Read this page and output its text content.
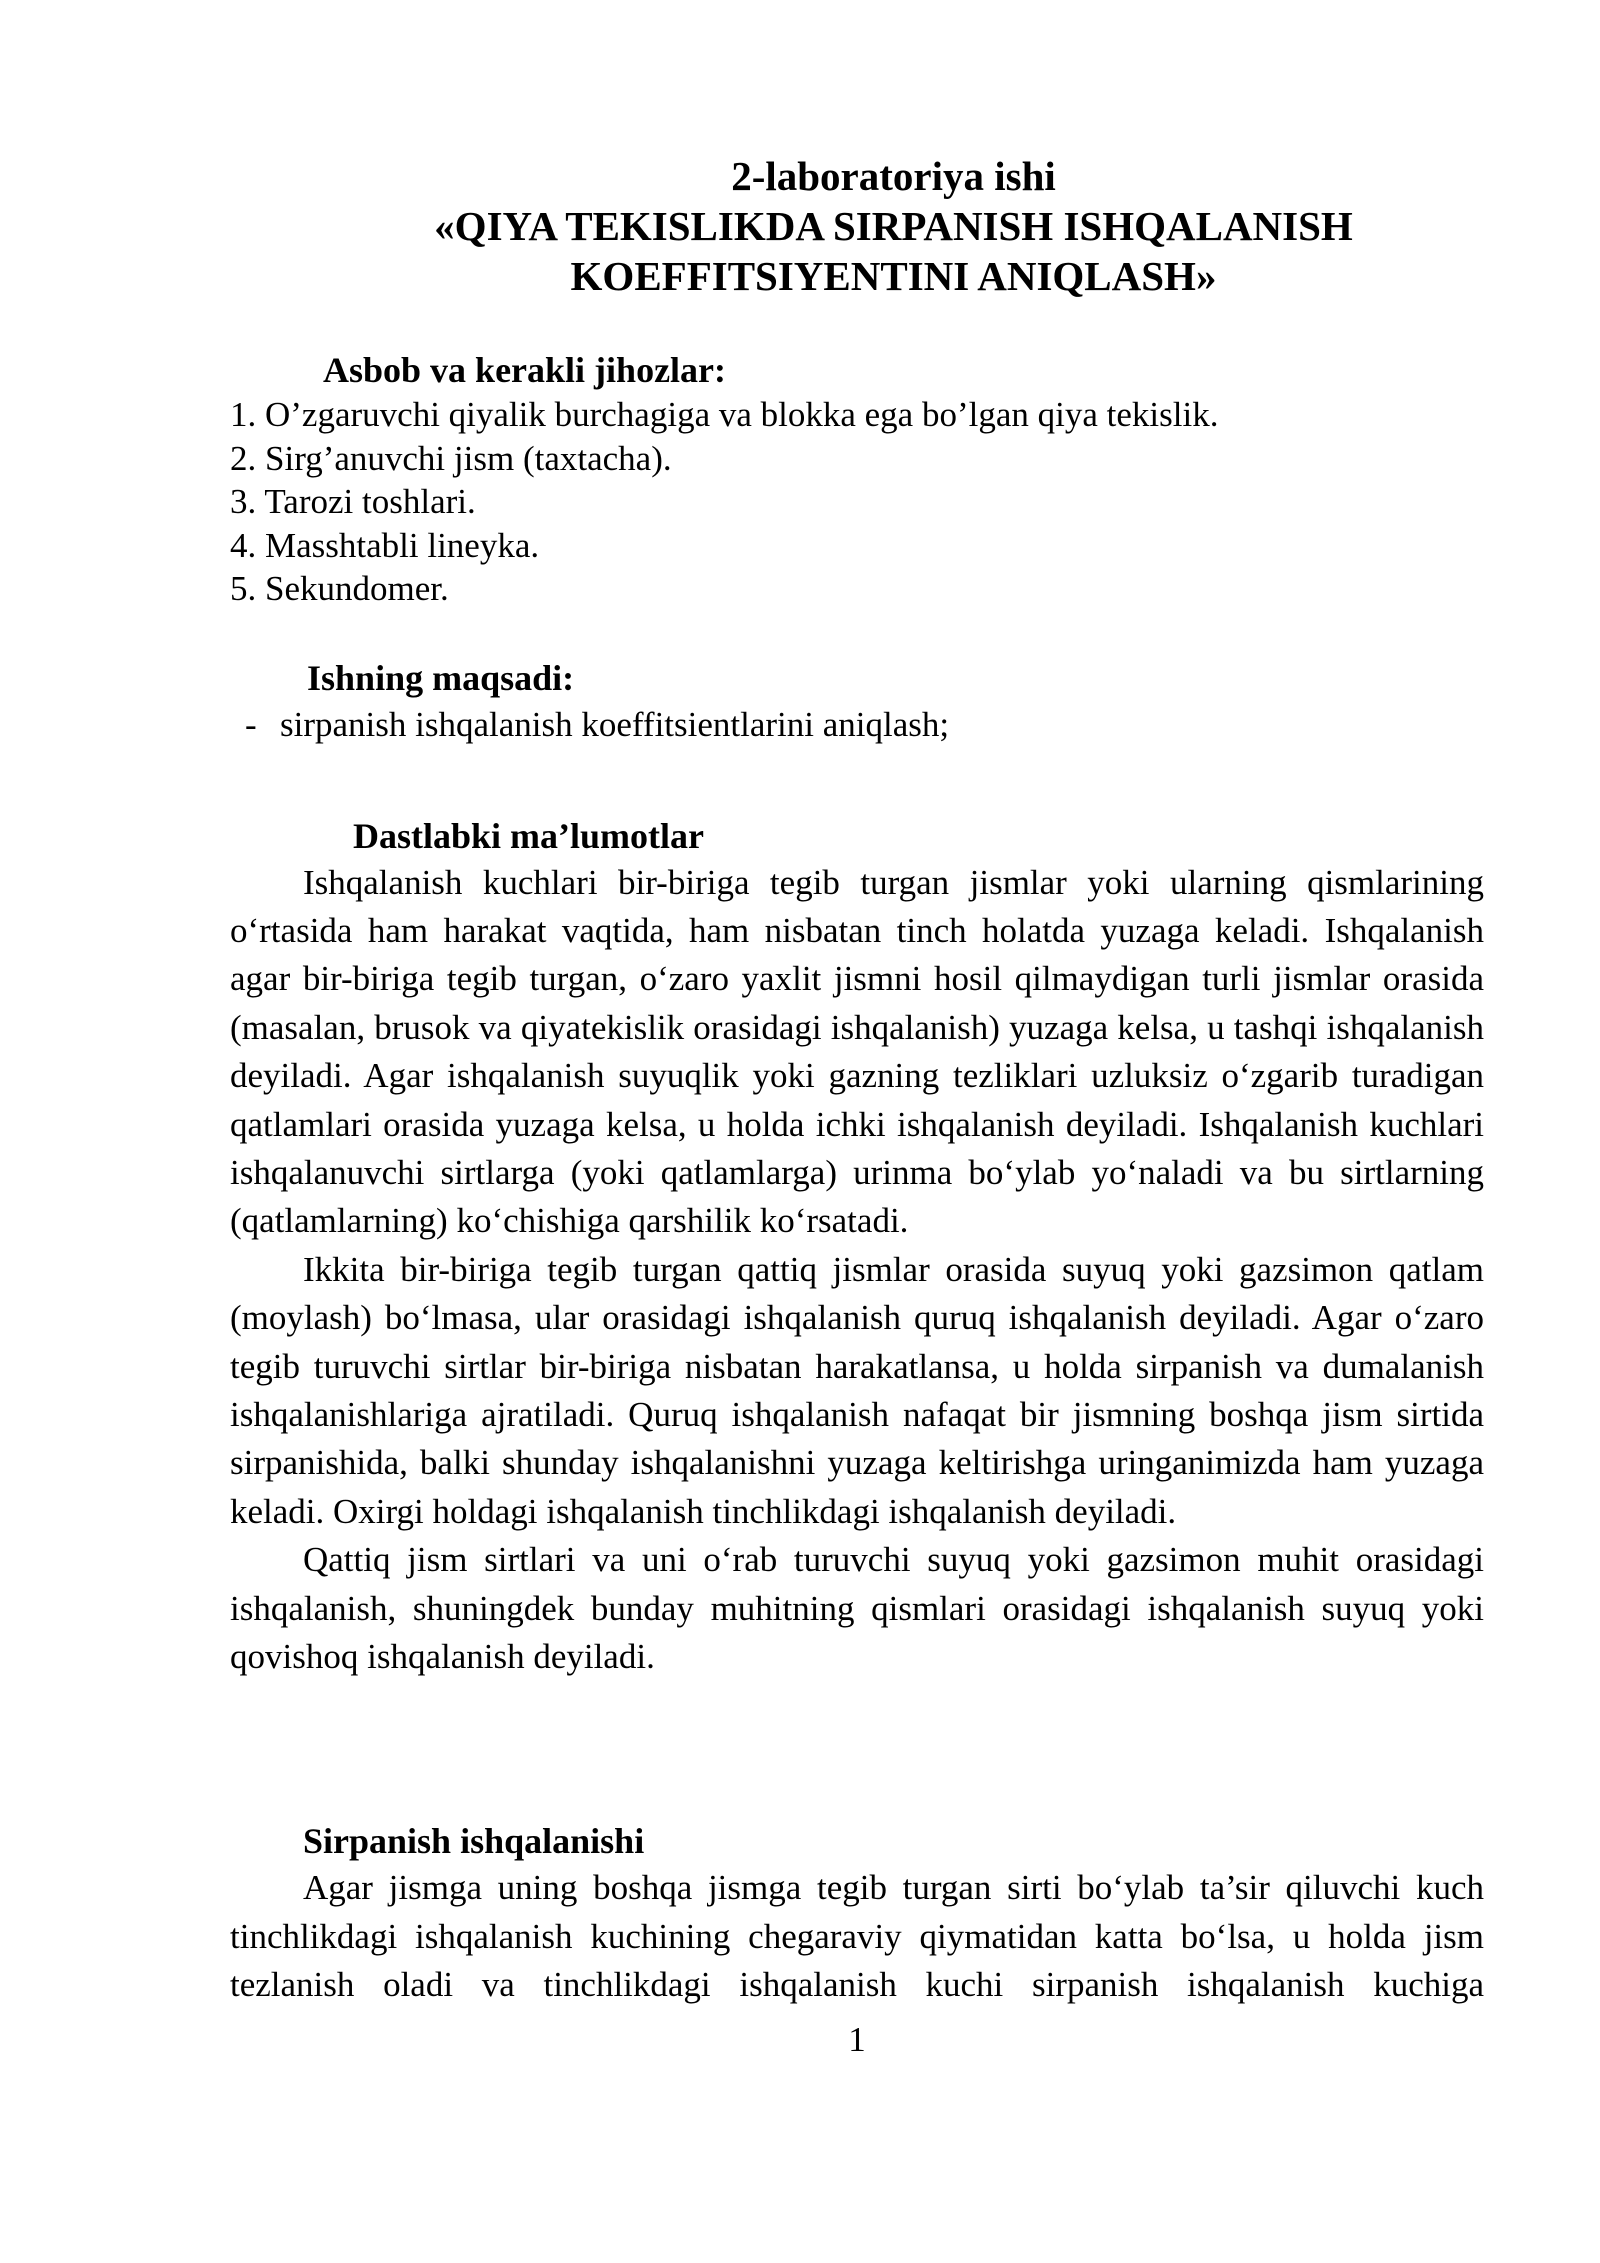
2-laboratoriya ishi
«QIYA TEKISLIKDA SIRPANISH ISHQALANISH
KOEFFITSIYENTINI ANIQLASH»
Asbob va kerakli jihozlar:
1. O’zgaruvchi qiyalik burchagiga va blokka ega bo’lgan qiya tekislik.
2. Sirg’anuvchi jism (taxtacha).
3. Tarozi toshlari.
4. Masshtabli lineyka.
5. Sekundomer.
Ishning maqsadi:
- sirpanish ishqalanish koeffitsientlarini aniqlash;
Dastlabki ma’lumotlar
Ishqalanish kuchlari bir-biriga tegib turgan jismlar yoki ularning qismlarining oʻrtasida ham harakat vaqtida, ham nisbatan tinch holatda yuzaga keladi. Ishqalanish agar bir-biriga tegib turgan, oʻzaro yaxlit jismni hosil qilmaydigan turli jismlar orasida (masalan, brusok va qiyatekislik orasidagi ishqalanish) yuzaga kelsa, u tashqi ishqalanish deyiladi. Agar ishqalanish suyuqlik yoki gazning tezliklari uzluksiz oʻzgarib turadigan qatlamlari orasida yuzaga kelsa, u holda ichki ishqalanish deyiladi. Ishqalanish kuchlari ishqalanuvchi sirtlarga (yoki qatlamlarga) urinma boʻylab yoʻnaladi va bu sirtlarning (qatlamlarning) koʻchishiga qarshilik koʻrsatadi.
Ikkita bir-biriga tegib turgan qattiq jismlar orasida suyuq yoki gazsimon qatlam (moylash) boʻlmasa, ular orasidagi ishqalanish quruq ishqalanish deyiladi. Agar oʻzaro tegib turuvchi sirtlar bir-biriga nisbatan harakatlansa, u holda sirpanish va dumalanish ishqalanishlariga ajratiladi. Quruq ishqalanish nafaqat bir jismning boshqa jism sirtida sirpanishida, balki shunday ishqalanishni yuzaga keltirishga uringanimizda ham yuzaga keladi. Oxirgi holdagi ishqalanish tinchlikdagi ishqalanish deyiladi.
Qattiq jism sirtlari va uni oʻrab turuvchi suyuq yoki gazsimon muhit orasidagi ishqalanish, shuningdek bunday muhitning qismlari orasidagi ishqalanish suyuq yoki qovishoq ishqalanish deyiladi.
Sirpanish ishqalanishi
Agar jismga uning boshqa jismga tegib turgan sirti boʻylab ta’sir qiluvchi kuch tinchlikdagi ishqalanish kuchining chegaraviy qiymatidan katta boʻlsa, u holda jism tezlanish oladi va tinchlikdagi ishqalanish kuchi sirpanish ishqalanish kuchiga
1
